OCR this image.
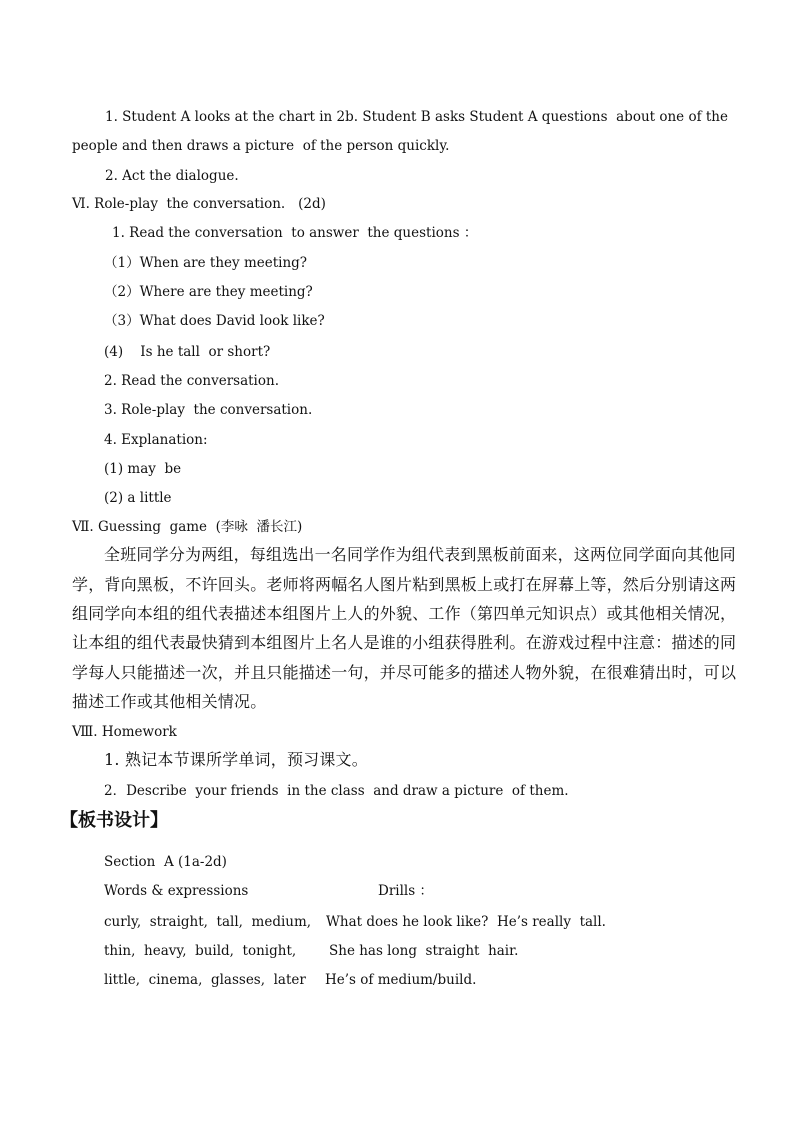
1. Student A looks at the chart in 2b. Student B asks Student A questions  about one of the
people and then draws a picture  of the person quickly.
2. Act the dialogue.
Ⅵ. Role-play  the conversation.   (2d)
1. Read the conversation  to answer  the questions ：
（1）When are they meeting?
（2）Where are they meeting?
（3）What does David look like?
(4)    Is he tall  or short?
2. Read the conversation.
3. Role-play  the conversation.
4. Explanation:
(1) may  be
(2) a little
Ⅶ. Guessing  game  (李咏  潘长江)
全班同学分为两组，每组选出一名同学作为组代表到黑板前面来，这两位同学面向其他同
学，背向黑板，不许回头。老师将两幅名人图片粘到黑板上或打在屏幕上等，然后分别请这两
组同学向本组的组代表描述本组图片上人的外貌、工作（第四单元知识点）或其他相关情况，
让本组的组代表最快猜到本组图片上名人是谁的小组获得胜利。在游戏过程中注意：描述的同
学每人只能描述一次，并且只能描述一句，并尽可能多的描述人物外貌，在很难猜出时，可以
描述工作或其他相关情况。
Ⅷ. Homework
1. 熟记本节课所学单词，预习课文。
2．Describe  your friends  in the class  and draw a picture  of them.
【板书设计】
Section  A (1a-2d)
Words & expressions	Drills ：
curly,  straight,  tall,  medium,
thin,  heavy,  build,  tonight,
little,  cinema,  glasses,  later
What does he look like?  He’s really  tall.
She has long  straight  hair.
He’s of medium/build.
